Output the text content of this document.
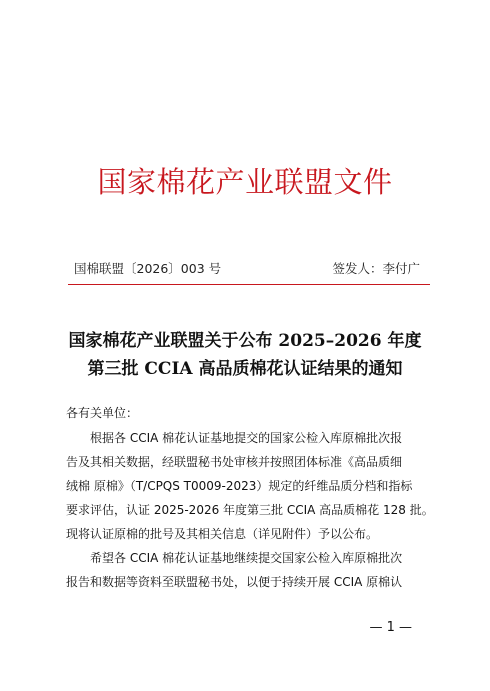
国家棉花产业联盟文件
国棉联盟〔2026〕003 号	签发人：李付广
国家棉花产业联盟关于公布 2025–2026 年度
第三批 CCIA 高品质棉花认证结果的通知
各有关单位：
根据各 CCIA 棉花认证基地提交的国家公检入库原棉批次报
告及其相关数据，经联盟秘书处审核并按照团体标准《高品质细
绒棉 原棉》（T/CPQS T0009-2023）规定的纤维品质分档和指标
要求评估，认证 2025-2026 年度第三批 CCIA 高品质棉花 128 批。
现将认证原棉的批号及其相关信息（详见附件）予以公布。
希望各 CCIA 棉花认证基地继续提交国家公检入库原棉批次
报告和数据等资料至联盟秘书处，以便于持续开展 CCIA 原棉认
— 1 —
